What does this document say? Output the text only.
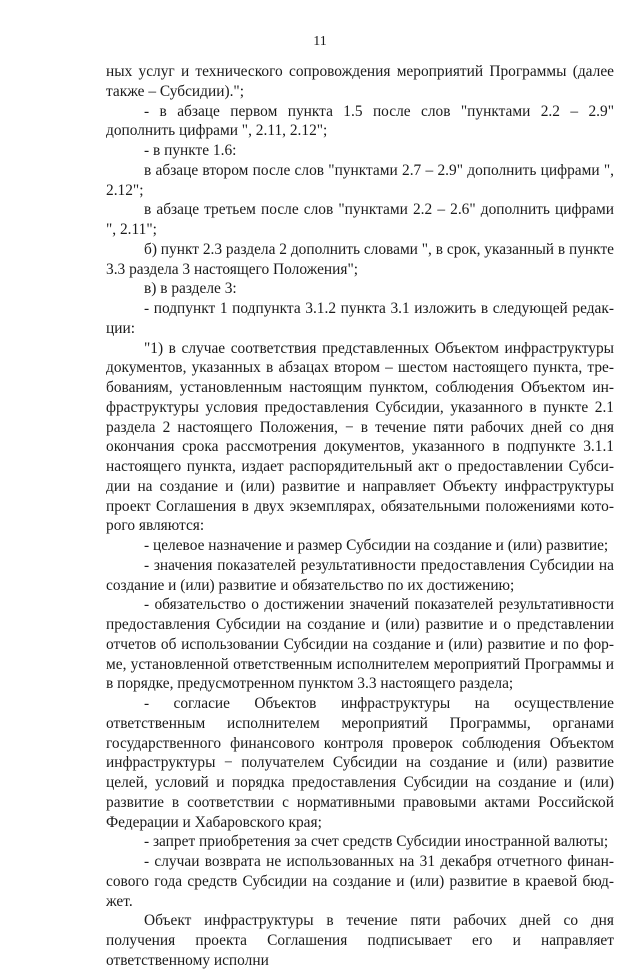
11

ных услуг и технического сопровождения мероприятий Программы (далее также – Субсидии).";

- в абзаце первом пункта 1.5 после слов "пунктами 2.2 – 2.9" дополнить цифрами ", 2.11, 2.12";

- в пункте 1.6:

в абзаце втором после слов "пунктами 2.7 – 2.9" дополнить цифрами ", 2.12";

в абзаце третьем после слов "пунктами 2.2 – 2.6" дополнить цифрами ", 2.11";

б) пункт 2.3 раздела 2 дополнить словами ", в срок, указанный в пункте 3.3 раздела 3 настоящего Положения";

в) в разделе 3:

- подпункт 1 подпункта 3.1.2 пункта 3.1 изложить в следующей редакции:

"1) в случае соответствия представленных Объектом инфраструктуры документов, указанных в абзацах втором – шестом настоящего пункта, требованиям, установленным настоящим пунктом, соблюдения Объектом инфраструктуры условия предоставления Субсидии, указанного в пункте 2.1 раздела 2 настоящего Положения, − в течение пяти рабочих дней со дня окончания срока рассмотрения документов, указанного в подпункте 3.1.1 настоящего пункта, издает распорядительный акт о предоставлении Субсидии на создание и (или) развитие и направляет Объекту инфраструктуры проект Соглашения в двух экземплярах, обязательными положениями которого являются:

- целевое назначение и размер Субсидии на создание и (или) развитие;

- значения показателей результативности предоставления Субсидии на создание и (или) развитие и обязательство по их достижению;

- обязательство о достижении значений показателей результативности предоставления Субсидии на создание и (или) развитие и о представлении отчетов об использовании Субсидии на создание и (или) развитие и по форме, установленной ответственным исполнителем мероприятий Программы и в порядке, предусмотренном пунктом 3.3 настоящего раздела;

- согласие Объектов инфраструктуры на осуществление ответственным исполнителем мероприятий Программы, органами государственного финансового контроля проверок соблюдения Объектом инфраструктуры − получателем Субсидии на создание и (или) развитие целей, условий и порядка предоставления Субсидии на создание и (или) развитие в соответствии с нормативными правовыми актами Российской Федерации и Хабаровского края;

- запрет приобретения за счет средств Субсидии иностранной валюты;

- случаи возврата не использованных на 31 декабря отчетного финансового года средств Субсидии на создание и (или) развитие в краевой бюджет.

Объект инфраструктуры в течение пяти рабочих дней со дня получения проекта Соглашения подписывает его и направляет ответственному исполни
